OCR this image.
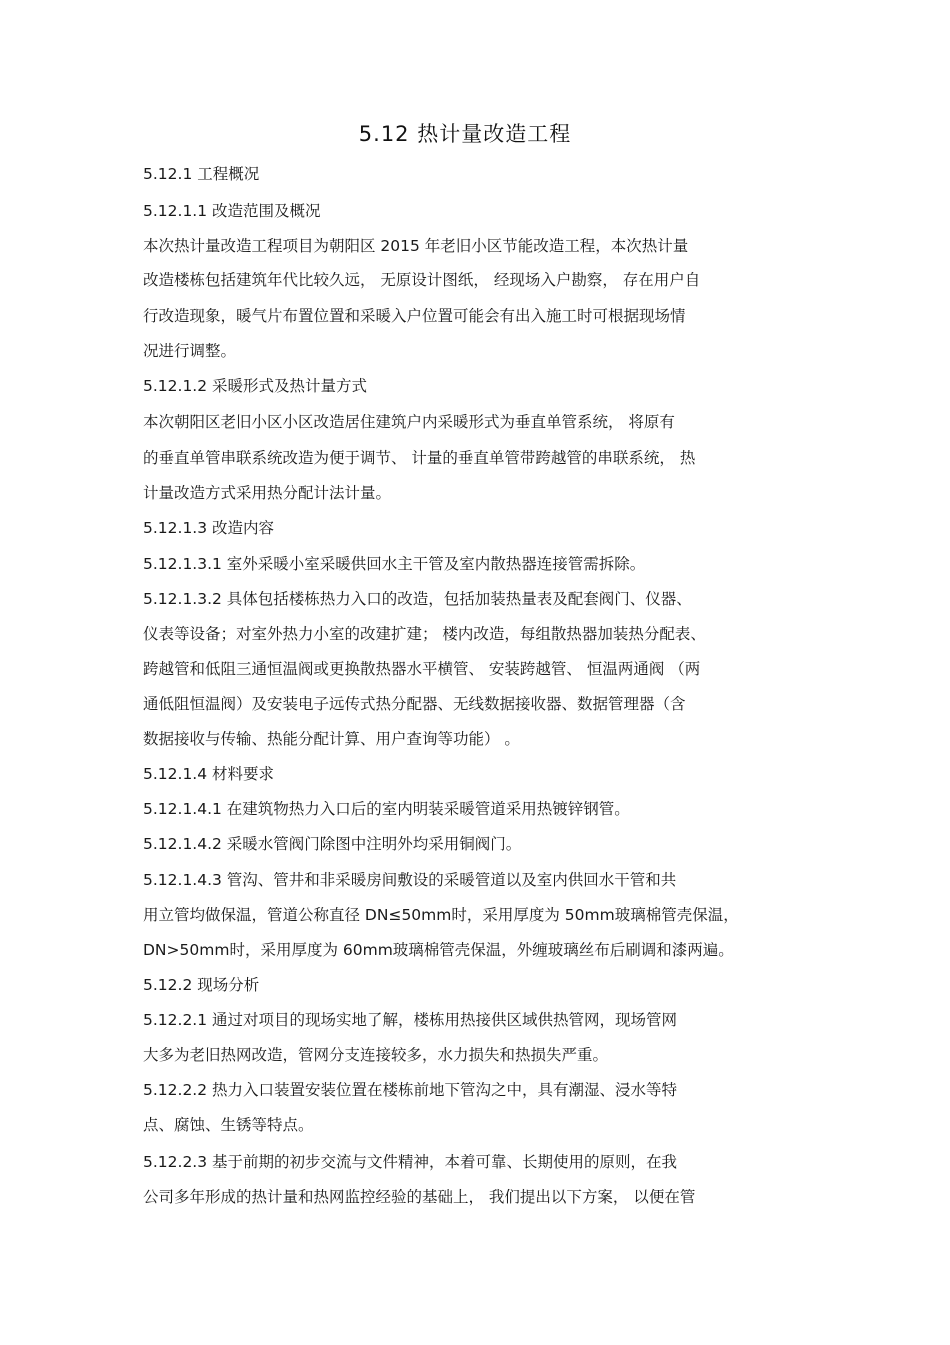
5.12 热计量改造工程
5.12.1 工程概况
5.12.1.1 改造范围及概况
本次热计量改造工程项目为朝阳区 2015 年老旧小区节能改造工程，本次热计量
改造楼栋包括建筑年代比较久远， 无原设计图纸， 经现场入户勘察， 存在用户自
行改造现象，暖气片布置位置和采暖入户位置可能会有出入施工时可根据现场情
况进行调整。
5.12.1.2 采暖形式及热计量方式
本次朝阳区老旧小区小区改造居住建筑户内采暖形式为垂直单管系统， 将原有
的垂直单管串联系统改造为便于调节、 计量的垂直单管带跨越管的串联系统， 热
计量改造方式采用热分配计法计量。
5.12.1.3 改造内容
5.12.1.3.1 室外采暖小室采暖供回水主干管及室内散热器连接管需拆除。
5.12.1.3.2 具体包括楼栋热力入口的改造，包括加装热量表及配套阀门、仪器、
仪表等设备；对室外热力小室的改建扩建； 楼内改造，每组散热器加装热分配表、
跨越管和低阻三通恒温阀或更换散热器水平横管、 安装跨越管、 恒温两通阀 （两
通低阻恒温阀）及安装电子远传式热分配器、无线数据接收器、数据管理器（含
数据接收与传输、热能分配计算、用户查询等功能） 。
5.12.1.4 材料要求
5.12.1.4.1 在建筑物热力入口后的室内明装采暖管道采用热镀锌钢管。
5.12.1.4.2 采暖水管阀门除图中注明外均采用铜阀门。
5.12.1.4.3 管沟、管井和非采暖房间敷设的采暖管道以及室内供回水干管和共
用立管均做保温，管道公称直径 DN≤50mm时，采用厚度为 50mm玻璃棉管壳保温，
DN>50mm时，采用厚度为 60mm玻璃棉管壳保温，外缠玻璃丝布后刷调和漆两遍。
5.12.2 现场分析
5.12.2.1 通过对项目的现场实地了解，楼栋用热接供区域供热管网，现场管网
大多为老旧热网改造，管网分支连接较多，水力损失和热损失严重。
5.12.2.2 热力入口装置安装位置在楼栋前地下管沟之中，具有潮湿、浸水等特
点、腐蚀、生锈等特点。
5.12.2.3 基于前期的初步交流与文件精神，本着可靠、长期使用的原则，在我
公司多年形成的热计量和热网监控经验的基础上， 我们提出以下方案， 以便在管
